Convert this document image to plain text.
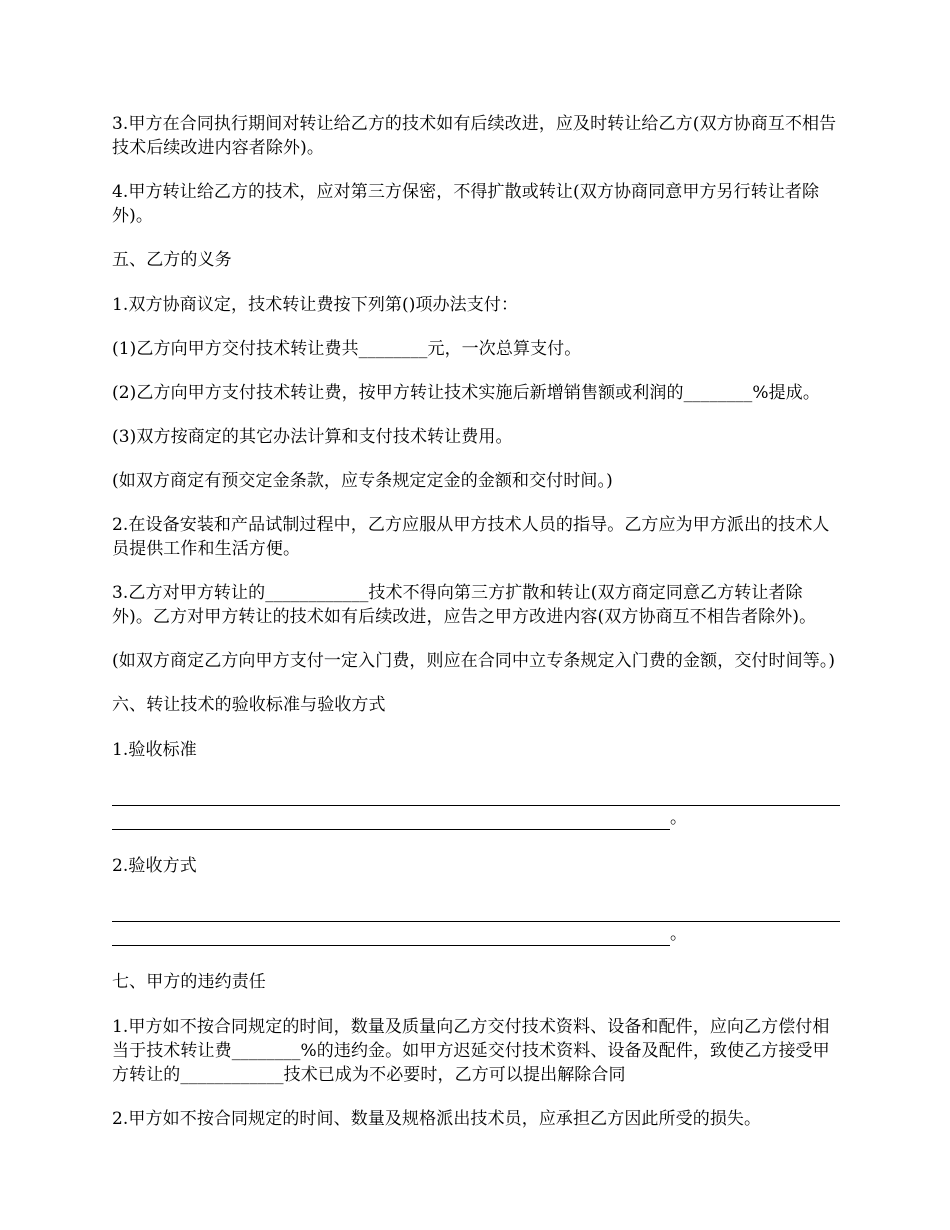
3.甲方在合同执行期间对转让给乙方的技术如有后续改进，应及时转让给乙方(双方协商互不相告技术后续改进内容者除外)。

4.甲方转让给乙方的技术，应对第三方保密，不得扩散或转让(双方协商同意甲方另行转让者除外)。

五、乙方的义务

1.双方协商议定，技术转让费按下列第()项办法支付：

(1)乙方向甲方交付技术转让费共________元，一次总算支付。

(2)乙方向甲方支付技术转让费，按甲方转让技术实施后新增销售额或利润的________%提成。

(3)双方按商定的其它办法计算和支付技术转让费用。

(如双方商定有预交定金条款，应专条规定定金的金额和交付时间。)

2.在设备安装和产品试制过程中，乙方应服从甲方技术人员的指导。乙方应为甲方派出的技术人员提供工作和生活方便。

3.乙方对甲方转让的____________技术不得向第三方扩散和转让(双方商定同意乙方转让者除外)。乙方对甲方转让的技术如有后续改进，应告之甲方改进内容(双方协商互不相告者除外)。

(如双方商定乙方向甲方支付一定入门费，则应在合同中立专条规定入门费的金额，交付时间等。)

六、转让技术的验收标准与验收方式

1.验收标准

。

2.验收方式

。

七、甲方的违约责任

1.甲方如不按合同规定的时间，数量及质量向乙方交付技术资料、设备和配件，应向乙方偿付相当于技术转让费________%的违约金。如甲方迟延交付技术资料、设备及配件，致使乙方接受甲方转让的____________技术已成为不必要时，乙方可以提出解除合同

2.甲方如不按合同规定的时间、数量及规格派出技术员，应承担乙方因此所受的损失。
